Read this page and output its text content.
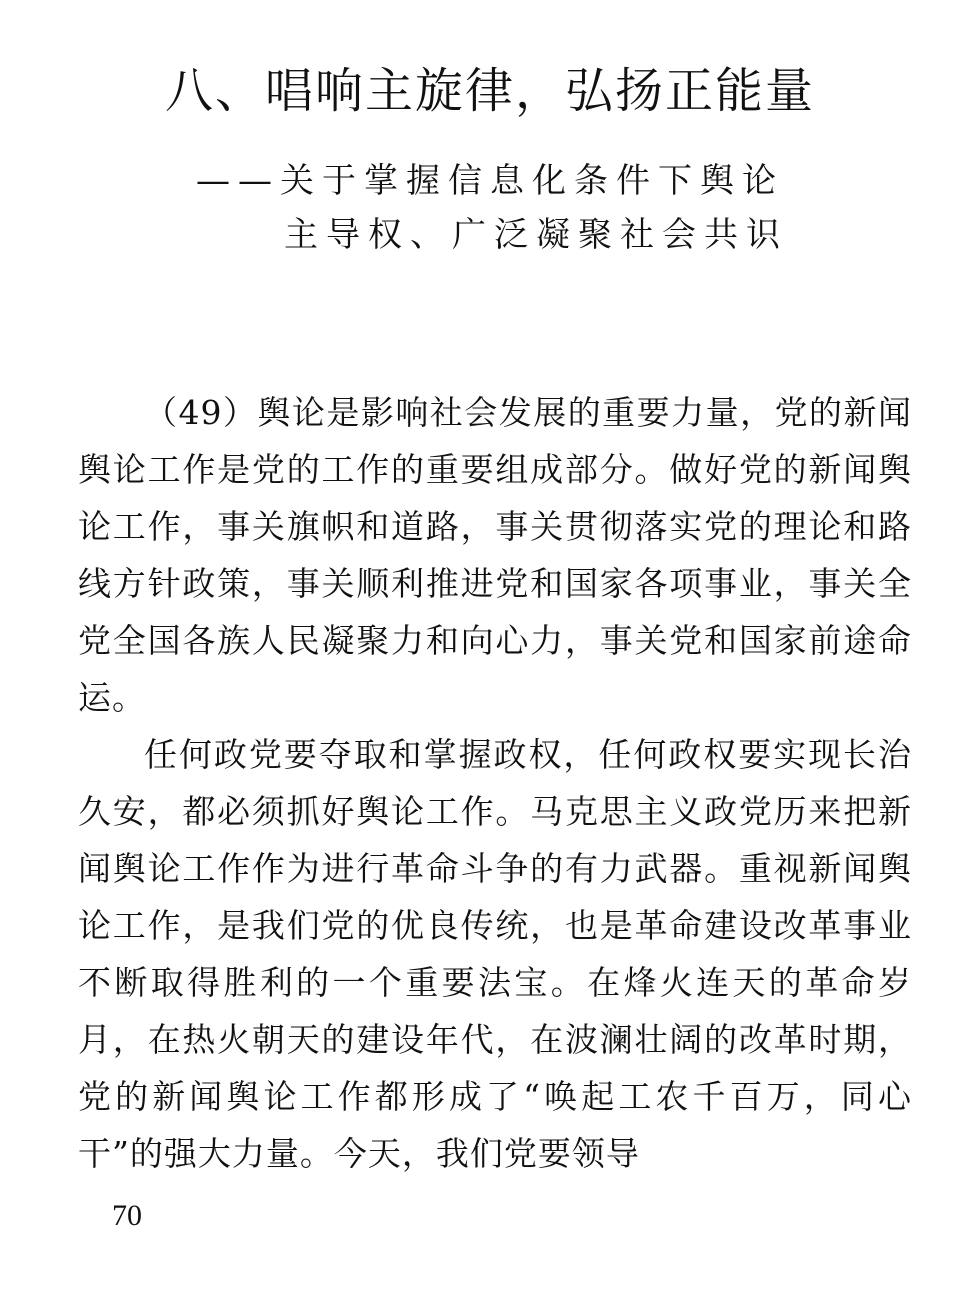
八、唱响主旋律，弘扬正能量
——关于掌握信息化条件下舆论
主导权、广泛凝聚社会共识

（49）舆论是影响社会发展的重要力量，党的新闻舆论工作是党的工作的重要组成部分。做好党的新闻舆论工作，事关旗帜和道路，事关贯彻落实党的理论和路线方针政策，事关顺利推进党和国家各项事业，事关全党全国各族人民凝聚力和向心力，事关党和国家前途命运。

任何政党要夺取和掌握政权，任何政权要实现长治久安，都必须抓好舆论工作。马克思主义政党历来把新闻舆论工作作为进行革命斗争的有力武器。重视新闻舆论工作，是我们党的优良传统，也是革命建设改革事业不断取得胜利的一个重要法宝。在烽火连天的革命岁月，在热火朝天的建设年代，在波澜壮阔的改革时期，党的新闻舆论工作都形成了“唤起工农千百万，同心干”的强大力量。今天，我们党要领导

70
